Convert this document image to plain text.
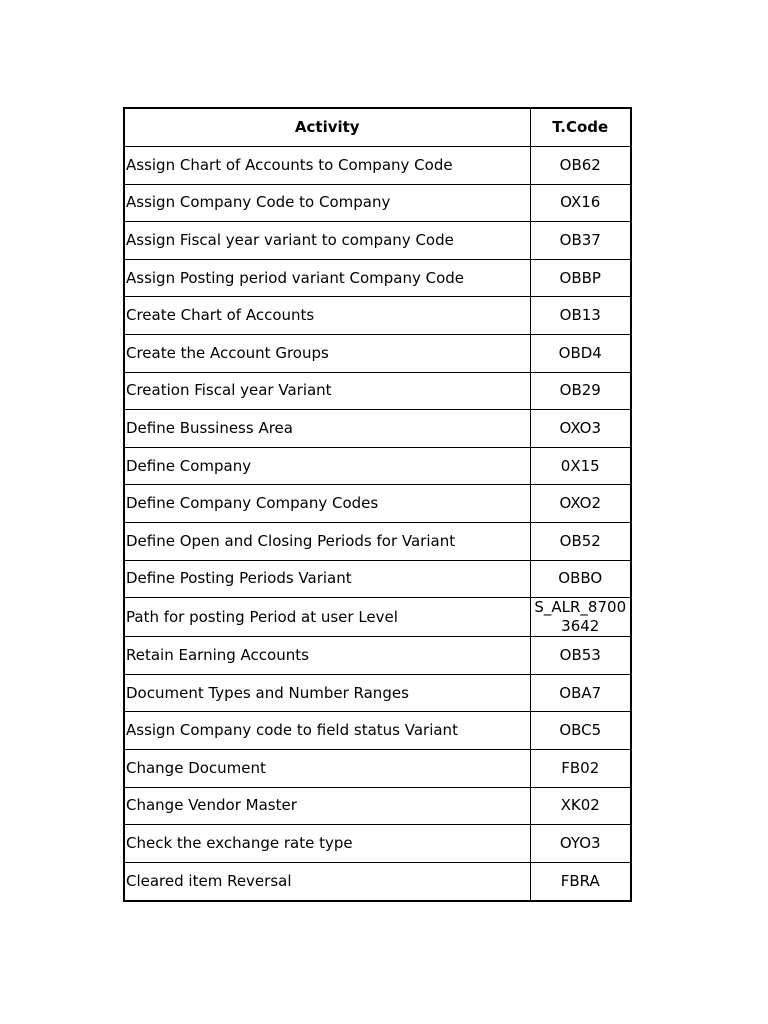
Activity	T.Code
Assign Chart of Accounts to Company Code	OB62
Assign Company Code to Company	OX16
Assign Fiscal year variant to company Code	OB37
Assign Posting period variant Company Code	OBBP
Create Chart of Accounts	OB13
Create the Account Groups	OBD4
Creation Fiscal year Variant	OB29
Define Bussiness Area	OXO3
Define Company	0X15
Define Company Company Codes	OXO2
Define Open and Closing Periods for Variant	OB52
Define Posting Periods Variant	OBBO
Path for posting Period at user Level	S_ALR_87003642
Retain Earning Accounts	OB53
Document Types and Number Ranges	OBA7
Assign Company code to field status Variant	OBC5
Change Document	FB02
Change Vendor Master	XK02
Check the exchange rate type	OYO3
Cleared item Reversal	FBRA
